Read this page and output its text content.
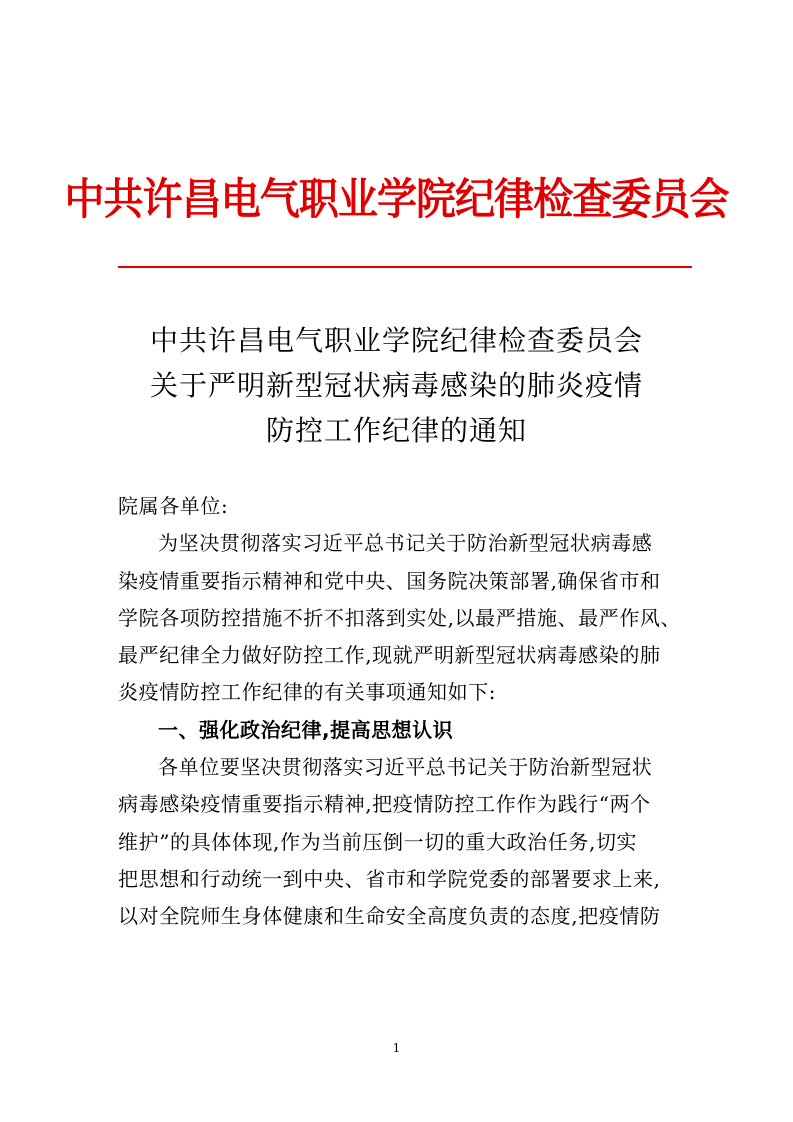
中共许昌电气职业学院纪律检查委员会
中共许昌电气职业学院纪律检查委员会
关于严明新型冠状病毒感染的肺炎疫情
防控工作纪律的通知
院属各单位:
为坚决贯彻落实习近平总书记关于防治新型冠状病毒感
染疫情重要指示精神和党中央、国务院决策部署,确保省市和
学院各项防控措施不折不扣落到实处,以最严措施、最严作风、
最严纪律全力做好防控工作,现就严明新型冠状病毒感染的肺
炎疫情防控工作纪律的有关事项通知如下:
一、强化政治纪律,提高思想认识
各单位要坚决贯彻落实习近平总书记关于防治新型冠状
病毒感染疫情重要指示精神,把疫情防控工作作为践行“两个
维护”的具体体现,作为当前压倒一切的重大政治任务,切实
把思想和行动统一到中央、省市和学院党委的部署要求上来,
以对全院师生身体健康和生命安全高度负责的态度,把疫情防
1
